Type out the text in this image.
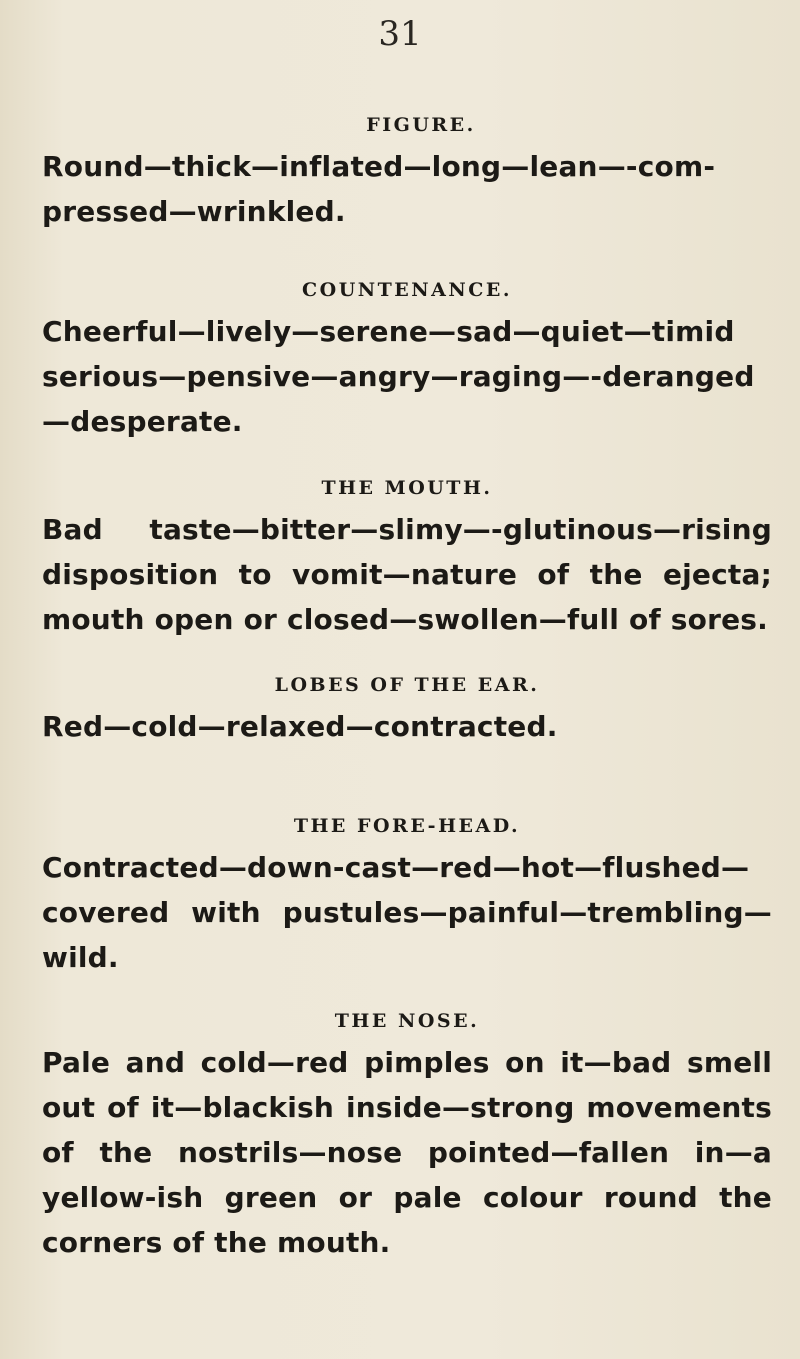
31
FIGURE.

Round—thick—inflated—long—lean—-com-pressed—wrinkled.

COUNTENANCE.

Cheerful—lively—serene—sad—quiet—timid serious—pensive—angry—raging—-deranged—desperate.

THE MOUTH.

Bad taste—bitter—slimy—-glutinous—rising disposition to vomit—nature of the ejecta; mouth open or closed—swollen—full of sores.

LOBES OF THE EAR.

Red—cold—relaxed—contracted.

THE FORE-HEAD.

Contracted—down-cast—red—hot—flushed—covered with pustules—painful—trembling—wild.

THE NOSE.

Pale and cold—red pimples on it—bad smell out of it—blackish inside—strong movements of the nostrils—nose pointed—fallen in—a yellow-ish green or pale colour round the corners of the mouth.
